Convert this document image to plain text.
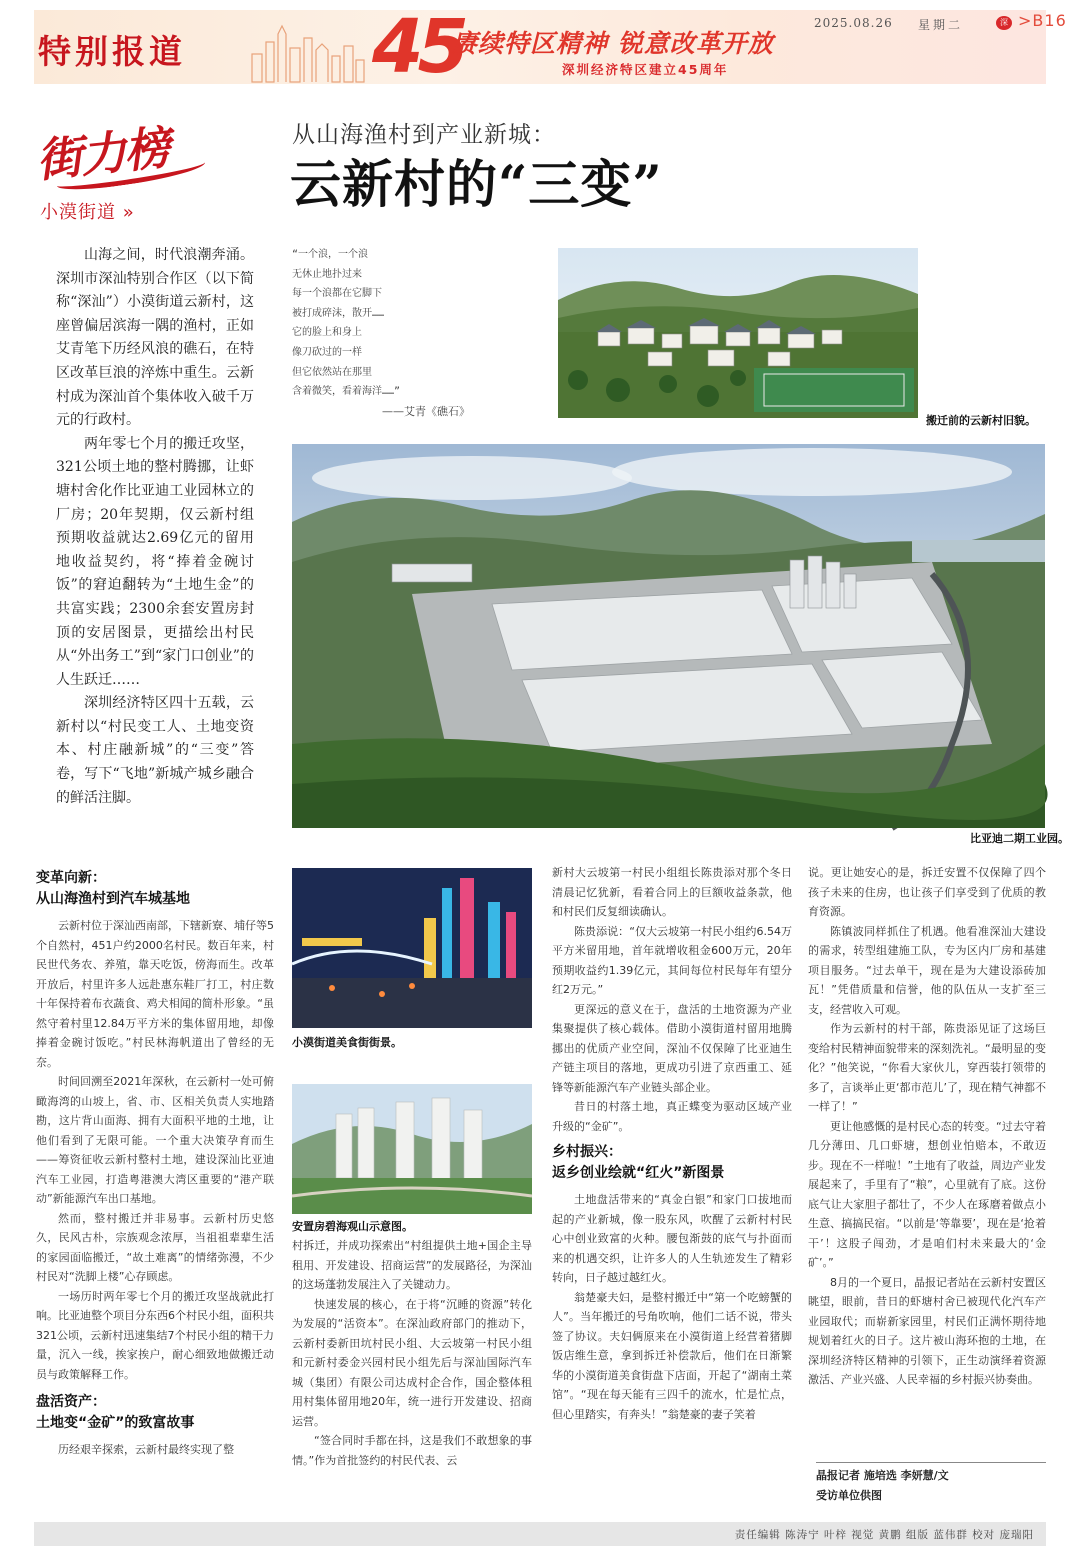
特别报道	45
赓续特区精神 锐意改革开放
深圳经济特区建立45周年
2025.08.26 星期二	深 >B16
街力榜
小漠街道 »
从山海渔村到产业新城：
云新村的“三变”

山海之间，时代浪潮奔涌。深圳市深汕特别合作区（以下简称“深汕”）小漠街道云新村，这座曾偏居滨海一隅的渔村，正如艾青笔下历经风浪的礁石，在特区改革巨浪的淬炼中重生。云新村成为深汕首个集体收入破千万元的行政村。

两年零七个月的搬迁攻坚，321公顷土地的整村腾挪，让虾塘村舍化作比亚迪工业园林立的厂房；20年契期，仅云新村组预期收益就达2.69亿元的留用地收益契约，将“捧着金碗讨饭”的窘迫翻转为“土地生金”的共富实践；2300余套安置房封顶的安居图景，更描绘出村民从“外出务工”到“家门口创业”的人生跃迁……

深圳经济特区四十五载，云新村以“村民变工人、土地变资本、村庄融新城”的“三变”答卷，写下“飞地”新城产城乡融合的鲜活注脚。

“一个浪，一个浪
无休止地扑过来
每一个浪都在它脚下
被打成碎沫，散开……
它的脸上和身上
像刀砍过的一样
但它依然站在那里
含着微笑，看着海洋……”
——艾青《礁石》
搬迁前的云新村旧貌。
比亚迪二期工业园。
小漠街道美食街街景。
安置房碧海观山示意图。
变革向新：
从山海渔村到汽车城基地

云新村位于深汕西南部，下辖新寮、埔仔等5个自然村，451户约2000名村民。数百年来，村民世代务农、养殖，靠天吃饭，傍海而生。改革开放后，村里许多人远赴惠东鞋厂打工，村庄数十年保持着布衣蔬食、鸡犬相闻的简朴形象。“虽然守着村里12.84万平方米的集体留用地，却像捧着金碗讨饭吃。”村民林海帆道出了曾经的无奈。

时间回溯至2021年深秋，在云新村一处可俯瞰海湾的山坡上，省、市、区相关负责人实地踏勘，这片背山面海、拥有大面积平地的土地，让他们看到了无限可能。一个重大决策孕育而生——筹资征收云新村整村土地，建设深汕比亚迪汽车工业园，打造粤港澳大湾区重要的“港产联动”新能源汽车出口基地。

然而，整村搬迁并非易事。云新村历史悠久，民风古朴，宗族观念浓厚，当祖祖辈辈生活的家园面临搬迁，“故土难离”的情绪弥漫，不少村民对“洗脚上楼”心存顾虑。

一场历时两年零七个月的搬迁攻坚战就此打响。比亚迪整个项目分东西6个村民小组，面积共321公顷，云新村迅速集结7个村民小组的精干力量，沉入一线，挨家挨户，耐心细致地做搬迁动员与政策解释工作。

盘活资产：
土地变“金矿”的致富故事

历经艰辛探索，云新村最终实现了整

村拆迁，并成功探索出“村组提供土地+国企主导租用、开发建设、招商运营”的发展路径，为深汕的这场蓬勃发展注入了关键动力。

快速发展的核心，在于将“沉睡的资源”转化为发展的“活资本”。在深汕政府部门的推动下，云新村委新田坑村民小组、大云坡第一村民小组和元新村委金兴园村民小组先后与深汕国际汽车城（集团）有限公司达成村企合作，国企整体租用村集体留用地20年，统一进行开发建设、招商运营。

“签合同时手都在抖，这是我们不敢想象的事情。”作为首批签约的村民代表、云

新村大云坡第一村民小组组长陈贵添对那个冬日清晨记忆犹新，看着合同上的巨额收益条款，他和村民们反复细读确认。

陈贵添说：“仅大云坡第一村民小组约6.54万平方米留用地，首年就增收租金600万元，20年预期收益约1.39亿元，其间每位村民每年有望分红2万元。”

更深远的意义在于，盘活的土地资源为产业集聚提供了核心载体。借助小漠街道村留用地腾挪出的优质产业空间，深汕不仅保障了比亚迪生产链主项目的落地，更成功引进了京西重工、延锋等新能源汽车产业链头部企业。

昔日的村落土地，真正蝶变为驱动区域产业升级的“金矿”。

乡村振兴：
返乡创业绘就“红火”新图景

土地盘活带来的“真金白银”和家门口拔地而起的产业新城，像一股东风，吹醒了云新村村民心中创业致富的火种。腰包渐鼓的底气与扑面而来的机遇交织，让许多人的人生轨迹发生了精彩转向，日子越过越红火。

翁楚豪夫妇，是整村搬迁中“第一个吃螃蟹的人”。当年搬迁的号角吹响，他们二话不说，带头签了协议。夫妇俩原来在小漠街道上经营着猪脚饭店维生意，拿到拆迁补偿款后，他们在日渐繁华的小漠街道美食街盘下店面，开起了“湖南土菜馆”。“现在每天能有三四千的流水，忙是忙点，但心里踏实，有奔头！”翁楚豪的妻子笑着

说。更让她安心的是，拆迁安置不仅保障了四个孩子未来的住房，也让孩子们享受到了优质的教育资源。

陈镇波同样抓住了机遇。他看准深汕大建设的需求，转型组建施工队，专为区内厂房和基建项目服务。“过去单干，现在是为大建设添砖加瓦！”凭借质量和信誉，他的队伍从一支扩至三支，经营收入可观。

作为云新村的村干部，陈贵添见证了这场巨变给村民精神面貌带来的深刻洗礼。“最明显的变化？”他笑说，“你看大家伙儿，穿西装打领带的多了，言谈举止更‘都市范儿’了，现在精气神都不一样了！”

更让他感慨的是村民心态的转变。“过去守着几分薄田、几口虾塘，想创业怕赔本，不敢迈步。现在不一样啦！”土地有了收益，周边产业发展起来了，手里有了“粮”，心里就有了底。这份底气让大家胆子都壮了，不少人在琢磨着做点小生意、搞搞民宿。“以前是‘等靠要’，现在是‘抢着干’！这股子闯劲，才是咱们村未来最大的‘金矿’。”

8月的一个夏日，晶报记者站在云新村安置区眺望，眼前，昔日的虾塘村舍已被现代化汽车产业园取代；而崭新家园里，村民们正满怀期待地规划着红火的日子。这片被山海环抱的土地，在深圳经济特区精神的引领下，正生动演绎着资源激活、产业兴盛、人民幸福的乡村振兴协奏曲。

晶报记者 施培选 李妍慧/文
受访单位供图
责任编辑 陈涛宁 叶梓 视觉 黄鹏 组版 蓝伟群 校对 庞瑞阳
